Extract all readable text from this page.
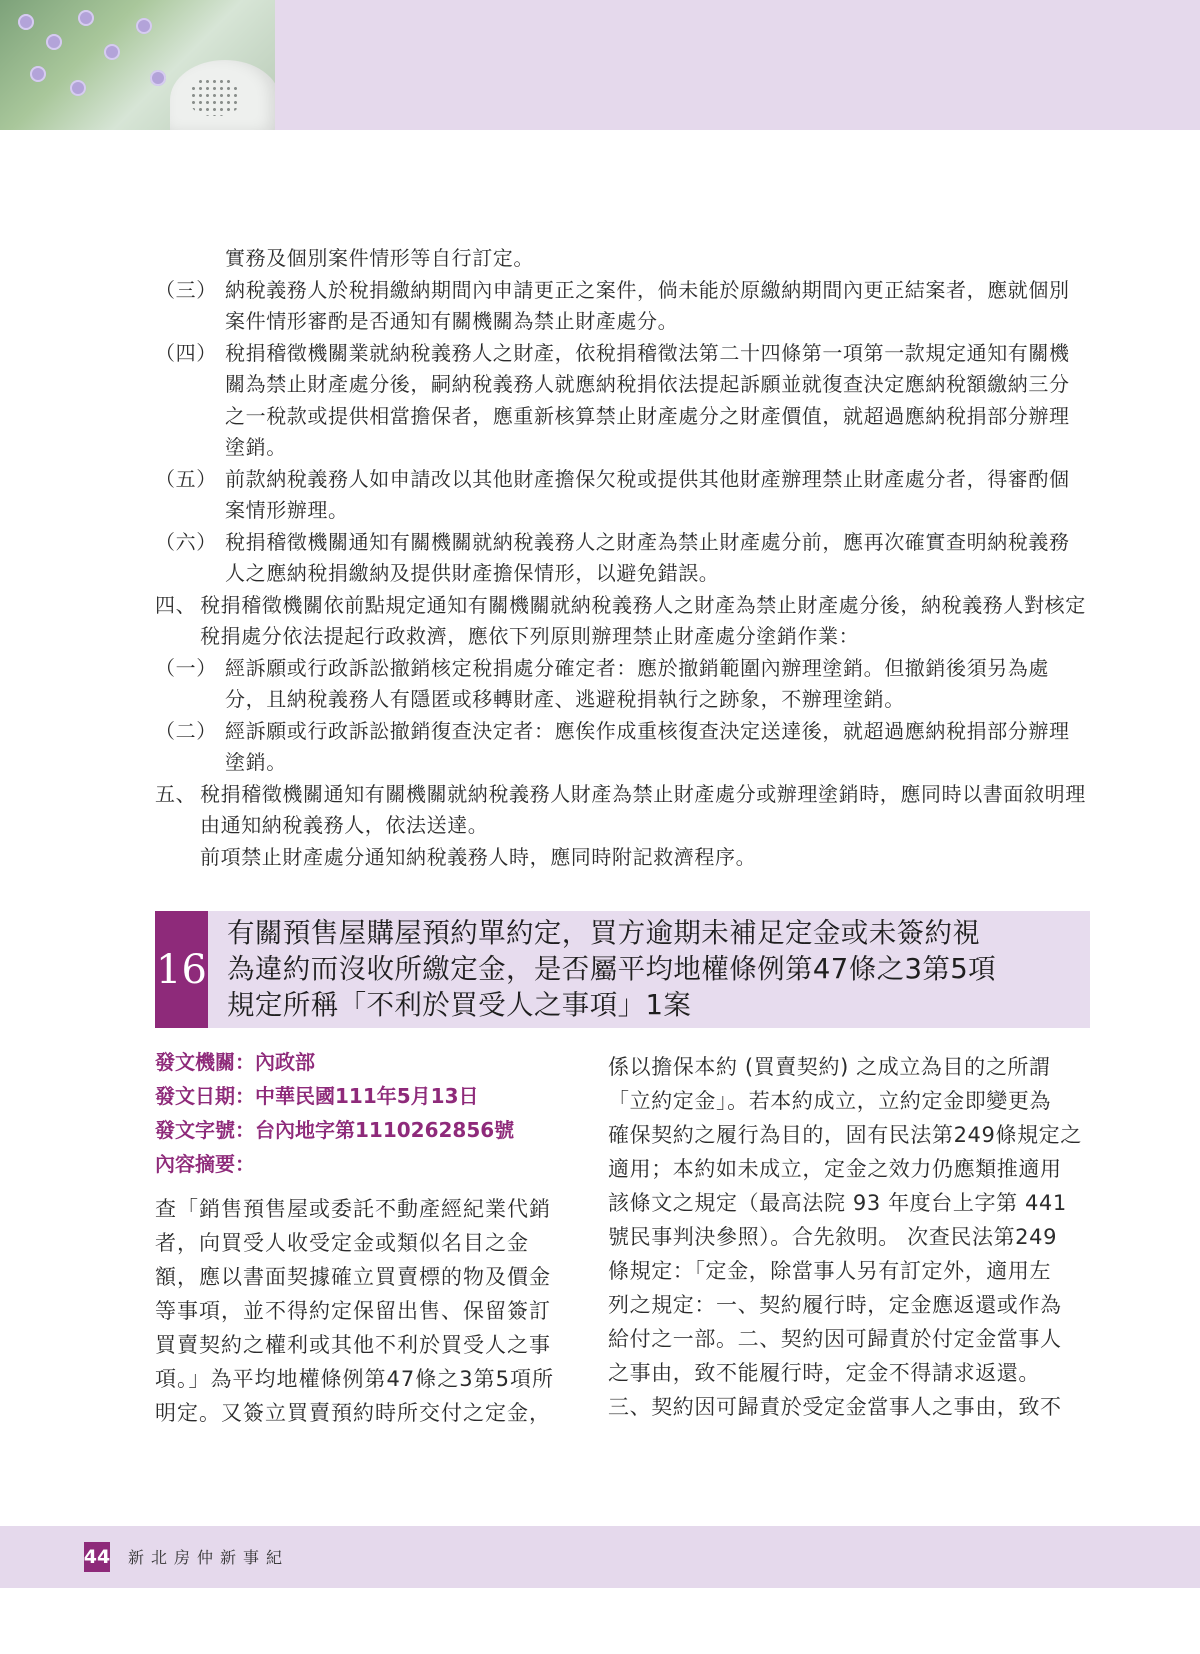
實務及個別案件情形等自行訂定。
（三） 納稅義務人於稅捐繳納期間內申請更正之案件，倘未能於原繳納期間內更正結案者，應就個別案件情形審酌是否通知有關機關為禁止財產處分。
（四） 稅捐稽徵機關業就納稅義務人之財產，依稅捐稽徵法第二十四條第一項第一款規定通知有關機關為禁止財產處分後，嗣納稅義務人就應納稅捐依法提起訴願並就復查決定應納稅額繳納三分之一稅款或提供相當擔保者，應重新核算禁止財產處分之財產價值，就超過應納稅捐部分辦理塗銷。
（五） 前款納稅義務人如申請改以其他財產擔保欠稅或提供其他財產辦理禁止財產處分者，得審酌個案情形辦理。
（六） 稅捐稽徵機關通知有關機關就納稅義務人之財產為禁止財產處分前，應再次確實查明納稅義務人之應納稅捐繳納及提供財產擔保情形，以避免錯誤。
四、 稅捐稽徵機關依前點規定通知有關機關就納稅義務人之財產為禁止財產處分後，納稅義務人對核定稅捐處分依法提起行政救濟，應依下列原則辦理禁止財產處分塗銷作業：
（一） 經訴願或行政訴訟撤銷核定稅捐處分確定者：應於撤銷範圍內辦理塗銷。但撤銷後須另為處分，且納稅義務人有隱匿或移轉財產、逃避稅捐執行之跡象，不辦理塗銷。
（二） 經訴願或行政訴訟撤銷復查決定者：應俟作成重核復查決定送達後，就超過應納稅捐部分辦理塗銷。
五、 稅捐稽徵機關通知有關機關就納稅義務人財產為禁止財產處分或辦理塗銷時，應同時以書面敘明理由通知納稅義務人，依法送達。
前項禁止財產處分通知納稅義務人時，應同時附記救濟程序。
16
有關預售屋購屋預約單約定，買方逾期未補足定金或未簽約視
為違約而沒收所繳定金，是否屬平均地權條例第47條之3第5項
規定所稱「不利於買受人之事項」1案
發文機關：內政部
發文日期：中華民國111年5月13日
發文字號：台內地字第1110262856號
內容摘要：
查「銷售預售屋或委託不動產經紀業代銷
者，向買受人收受定金或類似名目之金
額，應以書面契據確立買賣標的物及價金
等事項，並不得約定保留出售、保留簽訂
買賣契約之權利或其他不利於買受人之事
項。」為平均地權條例第47條之3第5項所
明定。又簽立買賣預約時所交付之定金，
係以擔保本約 (買賣契約) 之成立為目的之所謂
「立約定金」。若本約成立，立約定金即變更為
確保契約之履行為目的，固有民法第249條規定之
適用；本約如未成立，定金之效力仍應類推適用
該條文之規定（最高法院 93 年度台上字第 441
號民事判決參照）。合先敘明。 次查民法第249
條規定：「定金，除當事人另有訂定外，適用左
列之規定：一、契約履行時，定金應返還或作為
給付之一部。二、契約因可歸責於付定金當事人
之事由，致不能履行時，定金不得請求返還。
三、契約因可歸責於受定金當事人之事由，致不
44 新北房仲新事紀
